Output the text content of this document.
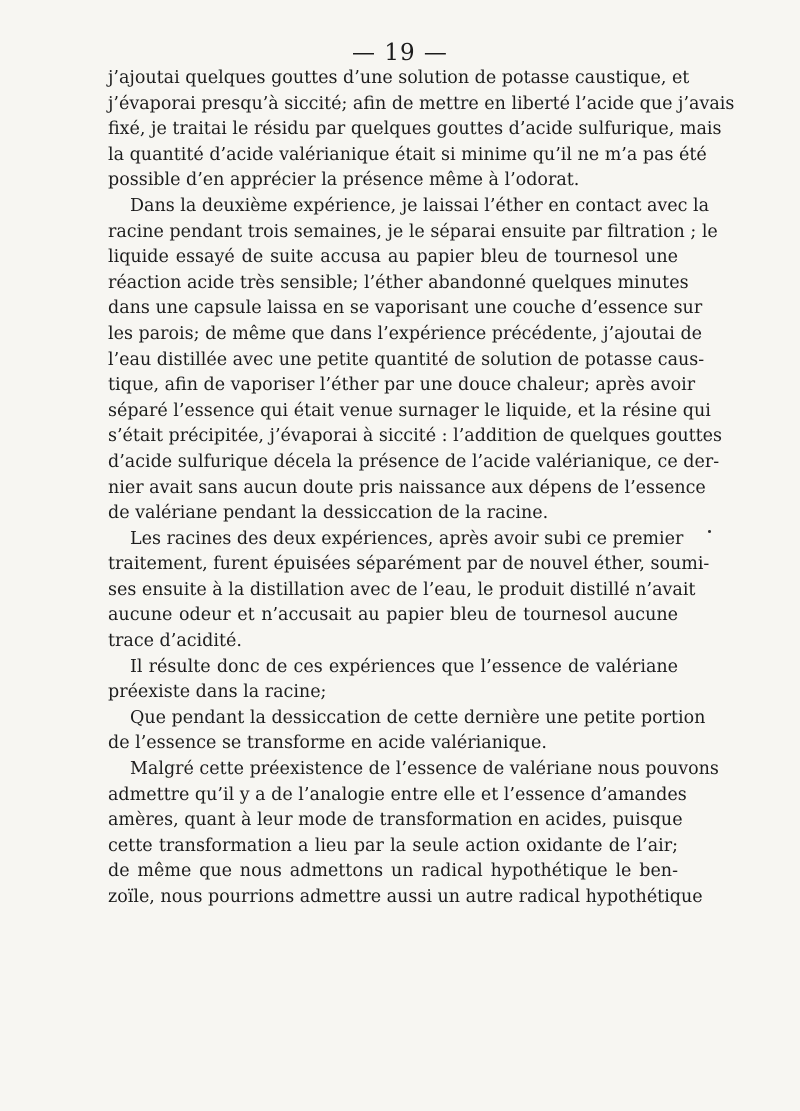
— 19 —
j’ajoutai quelques gouttes d’une solution de potasse caustique, et
j’évaporai presqu’à siccité; afin de mettre en liberté l’acide que j’avais
fixé, je traitai le résidu par quelques gouttes d’acide sulfurique, mais
la quantité d’acide valérianique était si minime qu’il ne m’a pas été
possible d’en apprécier la présence même à l’odorat.
Dans la deuxième expérience, je laissai l’éther en contact avec la
racine pendant trois semaines, je le séparai ensuite par filtration ; le
liquide essayé de suite accusa au papier bleu de tournesol une
réaction acide très sensible; l’éther abandonné quelques minutes
dans une capsule laissa en se vaporisant une couche d’essence sur
les parois; de même que dans l’expérience précédente, j’ajoutai de
l’eau distillée avec une petite quantité de solution de potasse caus-
tique, afin de vaporiser l’éther par une douce chaleur; après avoir
séparé l’essence qui était venue surnager le liquide, et la résine qui
s’était précipitée, j’évaporai à siccité : l’addition de quelques gouttes
d’acide sulfurique décela la présence de l’acide valérianique, ce der-
nier avait sans aucun doute pris naissance aux dépens de l’essence
de valériane pendant la dessiccation de la racine.
Les racines des deux expériences, après avoir subi ce premier
traitement, furent épuisées séparément par de nouvel éther, soumi-
ses ensuite à la distillation avec de l’eau, le produit distillé n’avait
aucune odeur et n’accusait au papier bleu de tournesol aucune
trace d’acidité.
Il résulte donc de ces expériences que l’essence de valériane
préexiste dans la racine;
Que pendant la dessiccation de cette dernière une petite portion
de l’essence se transforme en acide valérianique.
Malgré cette préexistence de l’essence de valériane nous pouvons
admettre qu’il y a de l’analogie entre elle et l’essence d’amandes
amères, quant à leur mode de transformation en acides, puisque
cette transformation a lieu par la seule action oxidante de l’air;
de même que nous admettons un radical hypothétique le ben-
zoïle, nous pourrions admettre aussi un autre radical hypothétique
